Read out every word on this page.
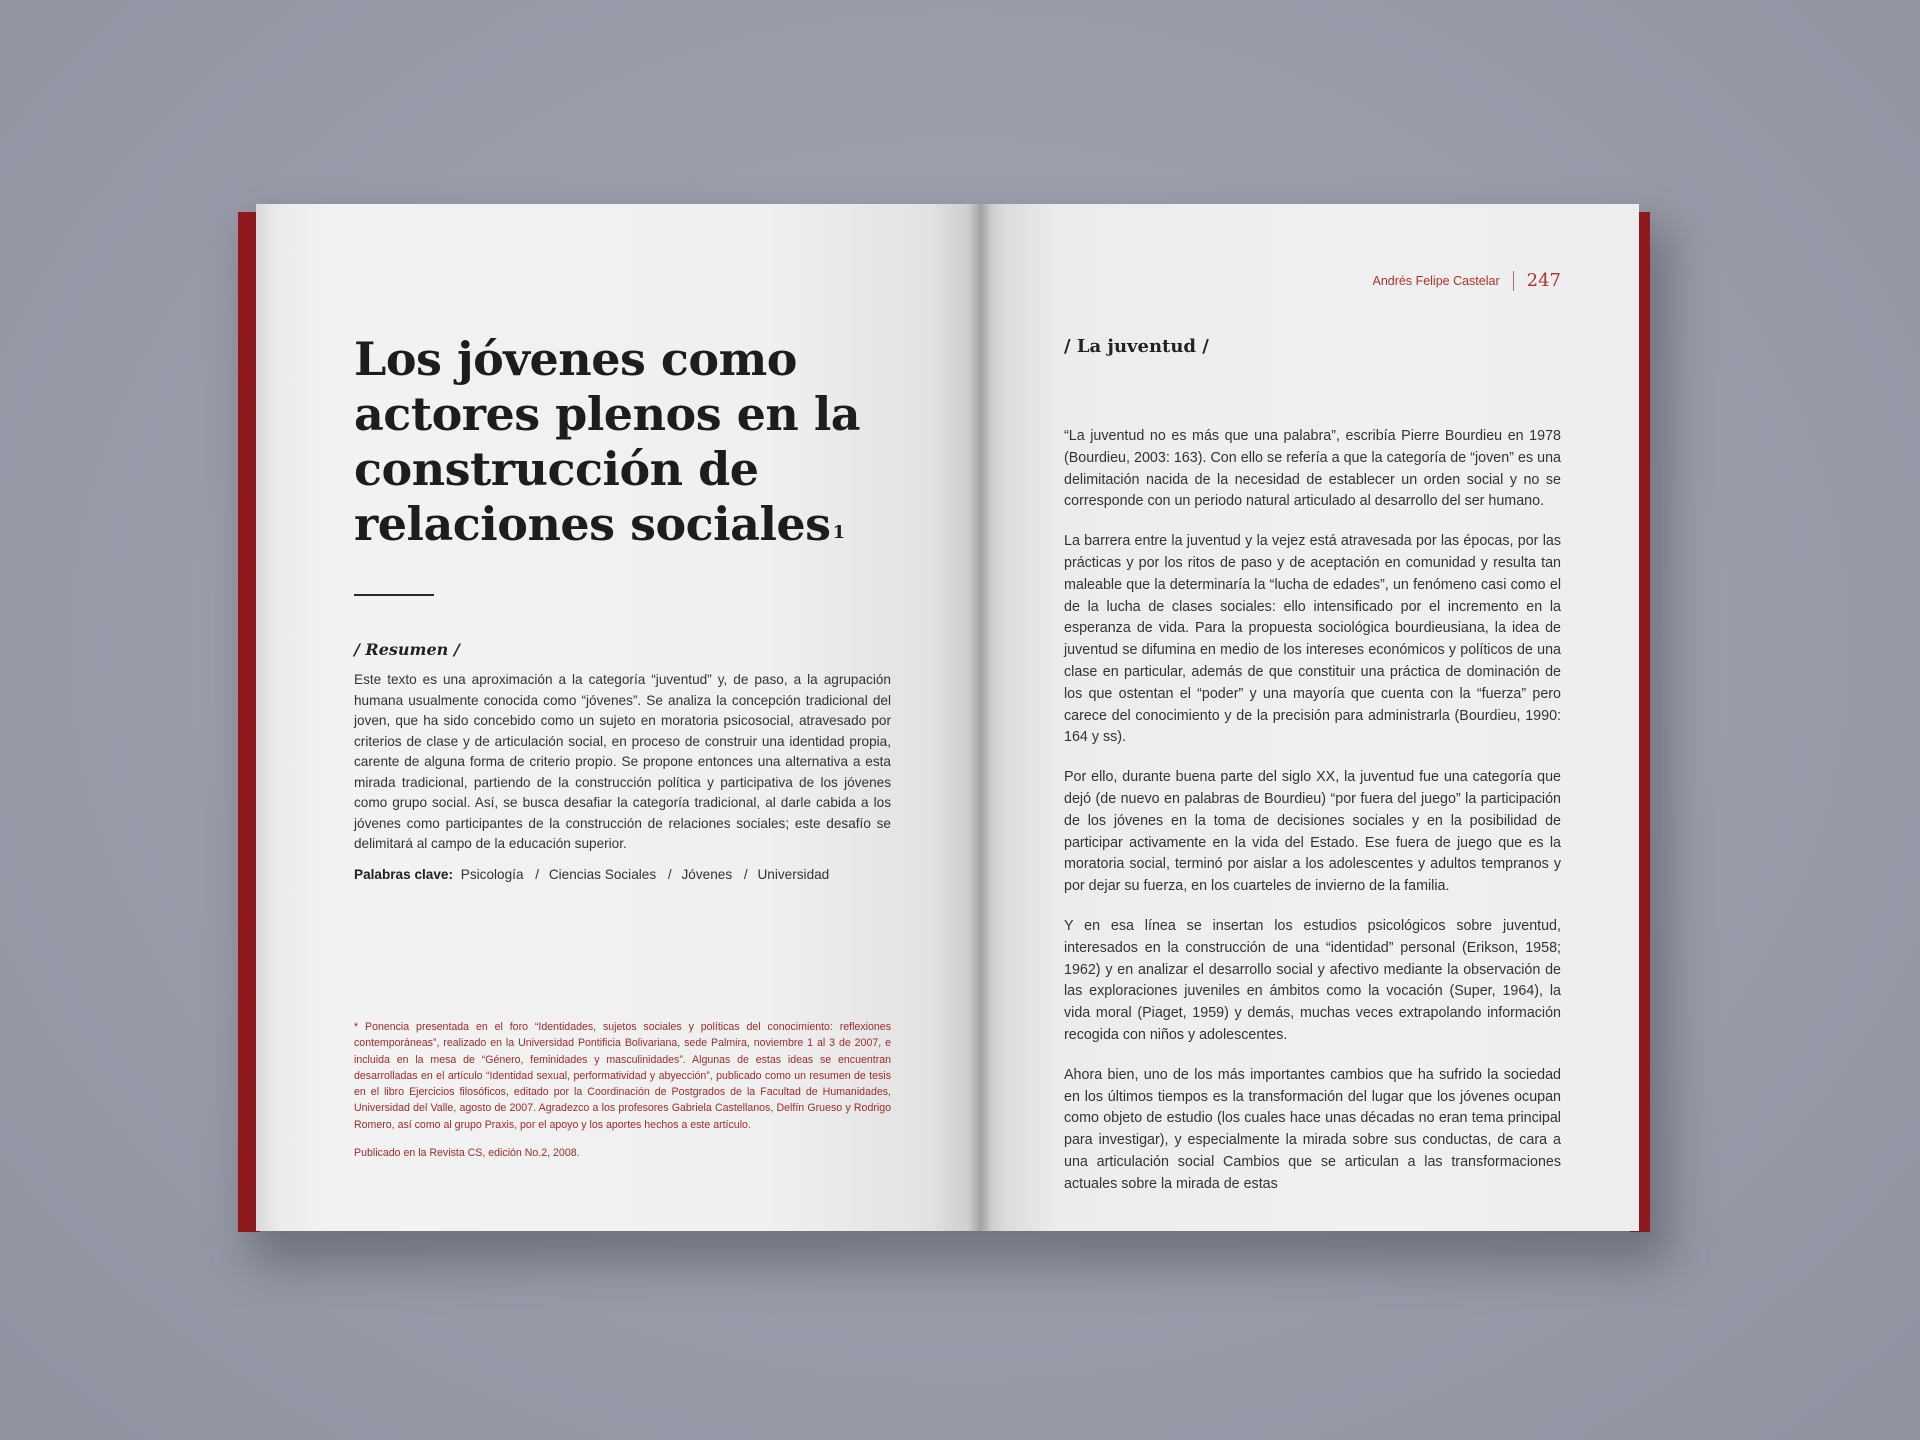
Los jóvenes como actores plenos en la construcción de relaciones sociales $^1$
/ Resumen /

Este texto es una aproximación a la categoría “juventud” y, de paso, a la agrupación humana usualmente conocida como “jóvenes”. Se analiza la concepción tradicional del joven, que ha sido concebido como un sujeto en moratoria psicosocial, atravesado por criterios de clase y de articulación social, en proceso de construir una identidad propia, carente de alguna forma de criterio propio. Se propone entonces una alternativa a esta mirada tradicional, partiendo de la construcción política y participativa de los jóvenes como grupo social. Así, se busca desafiar la categoría tradicional, al darle cabida a los jóvenes como participantes de la construcción de relaciones sociales; este desafío se delimitará al campo de la educación superior.

Palabras clave: Psicología / Ciencias Sociales / Jóvenes / Universidad

* Ponencia presentada en el foro “Identidades, sujetos sociales y políticas del conocimiento: reflexiones contemporáneas”, realizado en la Universidad Pontificia Bolivariana, sede Palmira, noviembre 1 al 3 de 2007, e incluida en la mesa de “Género, feminidades y masculinidades”. Algunas de estas ideas se encuentran desarrolladas en el artículo “Identidad sexual, performatividad y abyección”, publicado como un resumen de tesis en el libro Ejercicios filosóficos, editado por la Coordinación de Postgrados de la Facultad de Humanidades, Universidad del Valle, agosto de 2007. Agradezco a los profesores Gabriela Castellanos, Delfín Grueso y Rodrigo Romero, así como al grupo Praxis, por el apoyo y los aportes hechos a este artículo.

Publicado en la Revista CS, edición No.2, 2008.

Andrés Felipe Castelar 247
/ La juventud /

“La juventud no es más que una palabra”, escribía Pierre Bourdieu en 1978 (Bourdieu, 2003: 163). Con ello se refería a que la categoría de “joven” es una delimitación nacida de la necesidad de establecer un orden social y no se corresponde con un periodo natural articulado al desarrollo del ser humano.

La barrera entre la juventud y la vejez está atravesada por las épocas, por las prácticas y por los ritos de paso y de aceptación en comunidad y resulta tan maleable que la determinaría la “lucha de edades”, un fenómeno casi como el de la lucha de clases sociales: ello intensificado por el incremento en la esperanza de vida. Para la propuesta sociológica bourdieusiana, la idea de juventud se difumina en medio de los intereses económicos y políticos de una clase en particular, además de que constituir una práctica de dominación de los que ostentan el “poder” y una mayoría que cuenta con la “fuerza” pero carece del conocimiento y de la precisión para administrarla (Bourdieu, 1990: 164 y ss).

Por ello, durante buena parte del siglo XX, la juventud fue una categoría que dejó (de nuevo en palabras de Bourdieu) “por fuera del juego” la participación de los jóvenes en la toma de decisiones sociales y en la posibilidad de participar activamente en la vida del Estado. Ese fuera de juego que es la moratoria social, terminó por aislar a los adolescentes y adultos tempranos y por dejar su fuerza, en los cuarteles de invierno de la familia.

Y en esa línea se insertan los estudios psicológicos sobre juventud, interesados en la construcción de una “identidad” personal (Erikson, 1958; 1962) y en analizar el desarrollo social y afectivo mediante la observación de las exploraciones juveniles en ámbitos como la vocación (Super, 1964), la vida moral (Piaget, 1959) y demás, muchas veces extrapolando información recogida con niños y adolescentes.

Ahora bien, uno de los más importantes cambios que ha sufrido la sociedad en los últimos tiempos es la transformación del lugar que los jóvenes ocupan como objeto de estudio (los cuales hace unas décadas no eran tema principal para investigar), y especialmente la mirada sobre sus conductas, de cara a una articulación social Cambios que se articulan a las transformaciones actuales sobre la mirada de estas
